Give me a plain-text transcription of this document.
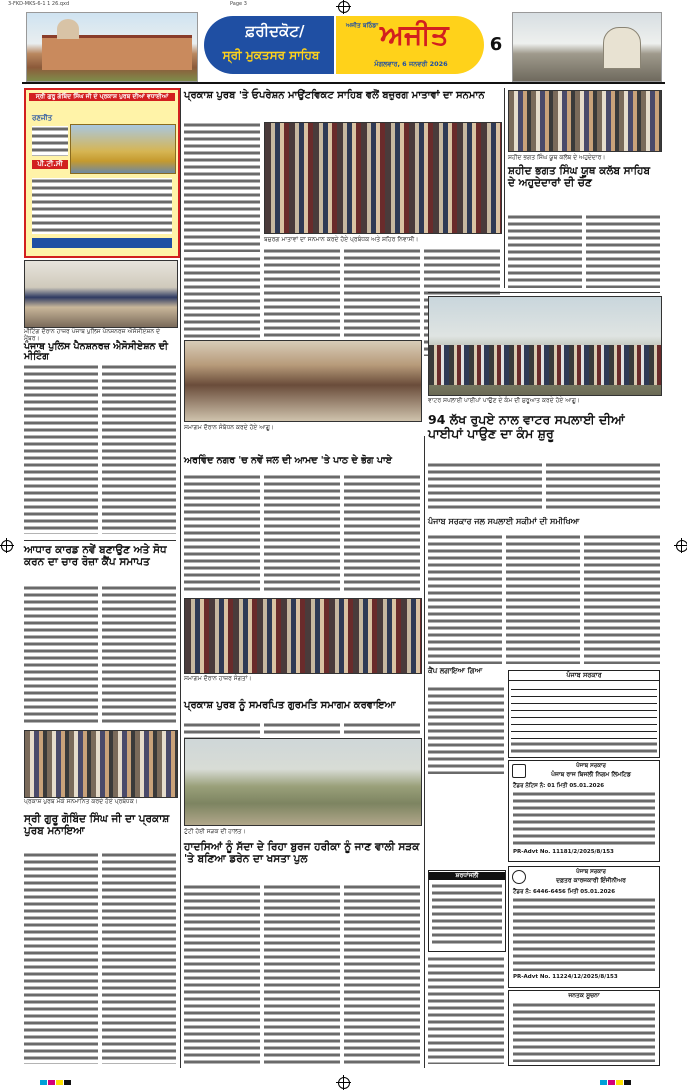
3-FKD-MKS-6-1 1 26.qxd	Page 3
ਫ਼ਰੀਦਕੋਟ/
ਸ੍ਰੀ ਮੁਕਤਸਰ ਸਾਹਿਬ
ਅਜੀਤ ਬਠਿੰਡਾ ਅਜੀਤ
ਮੰਗਲਵਾਰ, 6 ਜਨਵਰੀ 2026
6
ਸ੍ਰੀ ਗੁਰੂ ਗੋਬਿੰਦ ਸਿੰਘ ਜੀ ਦੇ ਪ੍ਰਕਾਸ਼ ਪੁਰਬ ਦੀਆਂ ਵਧਾਈਆਂ
ਰਣਜੀਤ
ਪੀ.ਟੀ.ਸੀ
ਮੀਟਿੰਗ ਦੌਰਾਨ ਹਾਜ਼ਰ ਪੰਜਾਬ ਪੁਲਿਸ ਪੈਨਸ਼ਨਰਜ਼ ਐਸੋਸੀਏਸ਼ਨ ਦੇ ਮੈਂਬਰ।
ਪੰਜਾਬ ਪੁਲਿਸ ਪੈਨਸ਼ਨਰਜ਼ ਐਸੋਸੀਏਸ਼ਨ ਦੀ ਮੀਟਿੰਗ
ਆਧਾਰ ਕਾਰਡ ਨਵੇਂ ਬਣਾਉਣ ਅਤੇ ਸੋਧ ਕਰਨ ਦਾ ਚਾਰ ਰੋਜ਼ਾ ਕੈਂਪ ਸਮਾਪਤ
ਪ੍ਰਕਾਸ਼ ਪੁਰਬ ਮੌਕੇ ਸਨਮਾਨਿਤ ਕਰਦੇ ਹੋਏ ਪ੍ਰਬੰਧਕ।
ਸ੍ਰੀ ਗੁਰੂ ਗੋਬਿੰਦ ਸਿੰਘ ਜੀ ਦਾ ਪ੍ਰਕਾਸ਼ ਪੁਰਬ ਮਨਾਇਆ
ਪ੍ਰਕਾਸ਼ ਪੁਰਬ 'ਤੇ ਓਪਰੇਸ਼ਨ ਮਾਉਂਟਵਿਕਟ ਸਾਹਿਬ ਵਲੋਂ ਬਜ਼ੁਰਗ ਮਾਤਾਵਾਂ ਦਾ ਸਨਮਾਨ
ਬਜ਼ੁਰਗ ਮਾਤਾਵਾਂ ਦਾ ਸਨਮਾਨ ਕਰਦੇ ਹੋਏ ਪ੍ਰਬੰਧਕ ਅਤੇ ਸ਼ਹਿਰ ਨਿਵਾਸੀ।
ਸਮਾਗਮ ਦੌਰਾਨ ਸੰਬੋਧਨ ਕਰਦੇ ਹੋਏ ਆਗੂ।
ਅਰਵਿੰਦ ਨਗਰ 'ਚ ਨਵੇਂ ਜਲ ਦੀ ਆਮਦ 'ਤੇ ਪਾਠ ਦੇ ਭੋਗ ਪਾਏ
ਸਮਾਗਮ ਦੌਰਾਨ ਹਾਜ਼ਰ ਸੰਗਤਾਂ।
ਪ੍ਰਕਾਸ਼ ਪੁਰਬ ਨੂੰ ਸਮਰਪਿਤ ਗੁਰਮਤਿ ਸਮਾਗਮ ਕਰਵਾਇਆ
ਟੁੱਟੀ ਹੋਈ ਸੜਕ ਦੀ ਹਾਲਤ।
ਹਾਦਸਿਆਂ ਨੂੰ ਸੱਦਾ ਦੇ ਰਿਹਾ ਬੁਰਜ ਹਰੀਕਾ ਨੂੰ ਜਾਣ ਵਾਲੀ ਸੜਕ 'ਤੇ ਬਣਿਆ ਡਰੇਨ ਦਾ ਖਸਤਾ ਪੁਲ
ਸ਼ਹੀਦ ਭਗਤ ਸਿੰਘ ਯੂਥ ਕਲੱਬ ਦੇ ਅਹੁਦੇਦਾਰ।
ਸ਼ਹੀਦ ਭਗਤ ਸਿੰਘ ਯੂਥ ਕਲੱਬ ਸਾਹਿਬ ਦੇ ਅਹੁਦੇਦਾਰਾਂ ਦੀ ਚੋਣ
ਵਾਟਰ ਸਪਲਾਈ ਪਾਈਪਾਂ ਪਾਉਣ ਦੇ ਕੰਮ ਦੀ ਸ਼ੁਰੂਆਤ ਕਰਦੇ ਹੋਏ ਆਗੂ।
94 ਲੱਖ ਰੁਪਏ ਨਾਲ ਵਾਟਰ ਸਪਲਾਈ ਦੀਆਂ ਪਾਈਪਾਂ ਪਾਉਣ ਦਾ ਕੰਮ ਸ਼ੁਰੂ
ਪੰਜਾਬ ਸਰਕਾਰ ਜਲ ਸਪਲਾਈ ਸਕੀਮਾਂ ਦੀ ਸਮੀਖਿਆ
ਕੈਂਪ ਲਗਾਇਆ ਗਿਆ	ਪੰਜਾਬ ਸਰਕਾਰ
ਪੰਜਾਬ ਸਰਕਾਰ
ਪੰਜਾਬ ਰਾਜ ਬਿਜਲੀ ਨਿਗਮ ਲਿਮਟਿਡ
ਟੈਂਡਰ ਨੋਟਿਸ ਨੰ: 01 ਮਿਤੀ 05.01.2026
PR-Advt No. 11181/2/2025/8/153
ਸ਼ਰਧਾਂਜਲੀ	ਪੰਜਾਬ ਸਰਕਾਰ
ਦਫ਼ਤਰ ਕਾਰਜਕਾਰੀ ਇੰਜੀਨੀਅਰ
ਟੈਂਡਰ ਨੰ: 6446-6456 ਮਿਤੀ 05.01.2026
PR-Advt No. 11224/12/2025/8/153
ਜਨਤਕ ਸੂਚਨਾ
